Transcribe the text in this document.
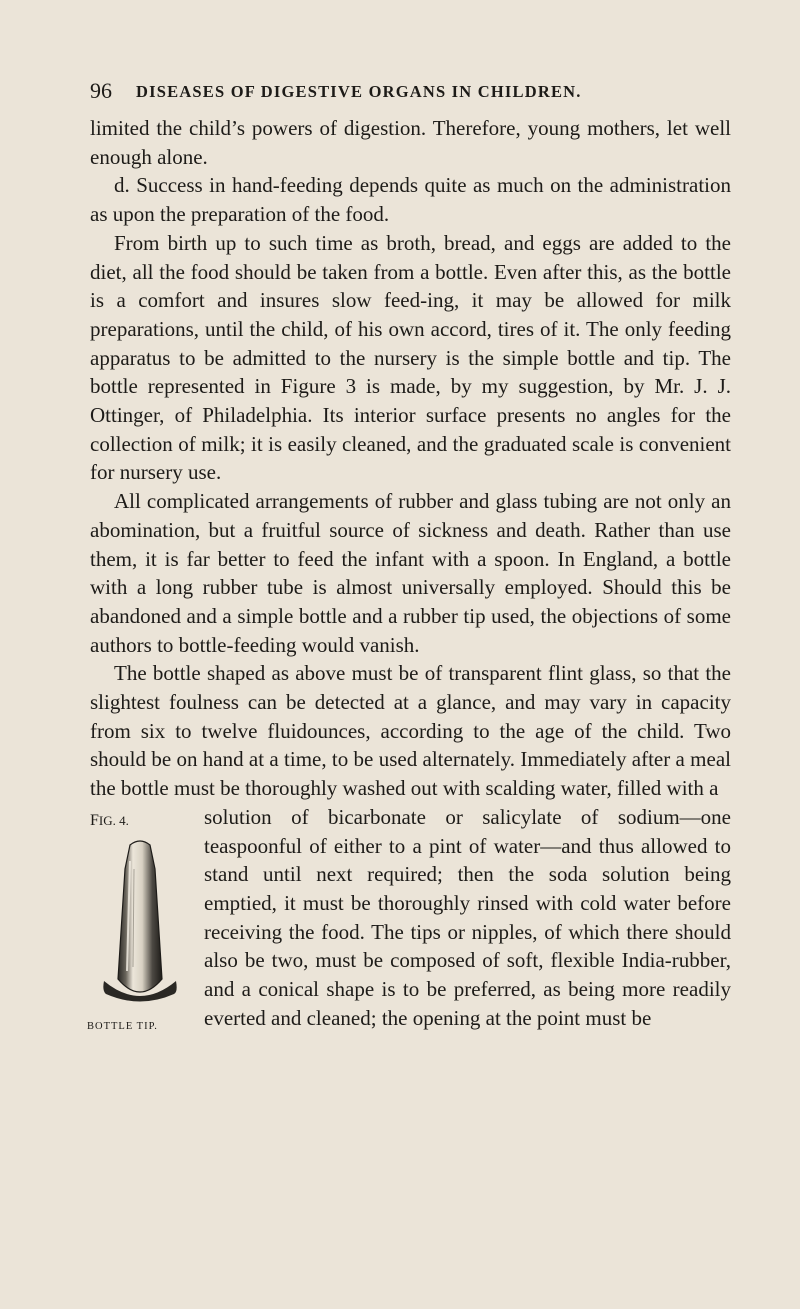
96 DISEASES OF DIGESTIVE ORGANS IN CHILDREN.

limited the child’s powers of digestion. Therefore, young mothers, let well enough alone.

d. Success in hand-feeding depends quite as much on the administration as upon the preparation of the food.

From birth up to such time as broth, bread, and eggs are added to the diet, all the food should be taken from a bottle. Even after this, as the bottle is a comfort and insures slow feed-ing, it may be allowed for milk preparations, until the child, of his own accord, tires of it. The only feeding apparatus to be admitted to the nursery is the simple bottle and tip. The bottle represented in Figure 3 is made, by my suggestion, by Mr. J. J. Ottinger, of Philadelphia. Its interior surface presents no angles for the collection of milk; it is easily cleaned, and the graduated scale is convenient for nursery use.

All complicated arrangements of rubber and glass tubing are not only an abomination, but a fruitful source of sickness and death. Rather than use them, it is far better to feed the infant with a spoon. In England, a bottle with a long rubber tube is almost universally employed. Should this be abandoned and a simple bottle and a rubber tip used, the objections of some authors to bottle-feeding would vanish.

The bottle shaped as above must be of transparent flint glass, so that the slightest foulness can be detected at a glance, and may vary in capacity from six to twelve fluidounces, according to the age of the child. Two should be on hand at a time, to be used alternately. Immediately after a meal the bottle must be thoroughly washed out with scalding water, filled with a

FIG. 4.
BOTTLE TIP.

solution of bicarbonate or salicylate of sodium—one teaspoonful of either to a pint of water—and thus allowed to stand until next required; then the soda solution being emptied, it must be thoroughly rinsed with cold water before receiving the food. The tips or nipples, of which there should also be two, must be composed of soft, flexible India-rubber, and a conical shape is to be preferred, as being more readily everted and cleaned; the opening at the point must be
